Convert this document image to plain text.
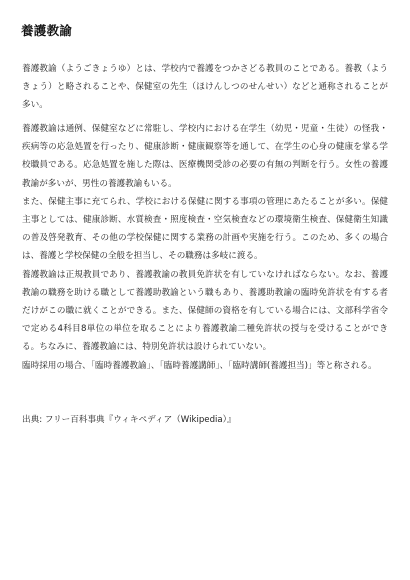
養護教諭
養護教諭（ようごきょうゆ）とは、学校内で養護をつかさどる教員のことである。養教（ようきょう）と略されることや、保健室の先生（ほけんしつのせんせい）などと通称されることが多い。
養護教諭は通例、保健室などに常駐し、学校内における在学生（幼児・児童・生徒）の怪我・疾病等の応急処置を行ったり、健康診断・健康観察等を通して、在学生の心身の健康を掌る学校職員である。応急処置を施した際は、医療機関受診の必要の有無の判断を行う。女性の養護教諭が多いが、男性の養護教諭もいる。
また、保健主事に充てられ、学校における保健に関する事項の管理にあたることが多い。保健主事としては、健康診断、水質検査・照度検査・空気検査などの環境衛生検査、保健衛生知識の普及啓発教育、その他の学校保健に関する業務の計画や実施を行う。このため、多くの場合は、養護と学校保健の全般を担当し、その職務は多岐に渡る。
養護教諭は正規教員であり、養護教諭の教員免許状を有していなければならない。なお、養護教諭の職務を助ける職として養護助教諭という職もあり、養護助教諭の臨時免許状を有する者だけがこの職に就くことができる。また、保健師の資格を有している場合には、文部科学省令で定める4科目8単位の単位を取ることにより養護教諭二種免許状の授与を受けることができる。ちなみに、養護教諭には、特別免許状は設けられていない。
臨時採用の場合、「臨時養護教諭」、「臨時養護講師」、「臨時講師(養護担当)」等と称される。
出典: フリー百科事典『ウィキペディア（Wikipedia）』
